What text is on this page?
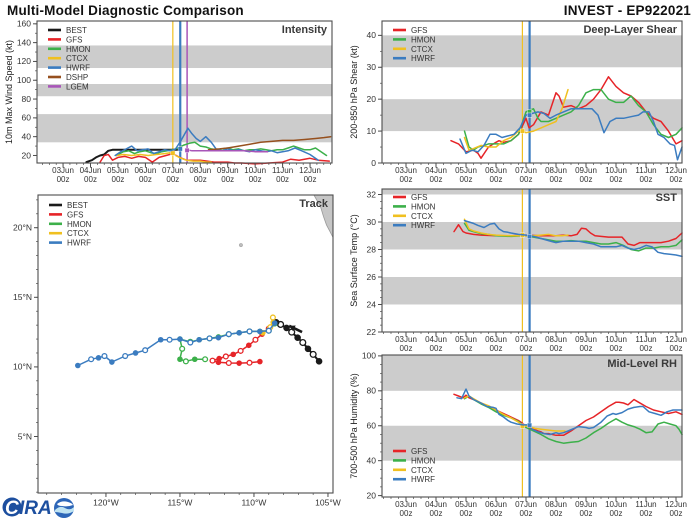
Multi-Model Diagnostic Comparison	INVEST - EP922021
03Jun
00z
04Jun
00z
05Jun
00z
06Jun
00z
07Jun
00z
08Jun
00z
09Jun
00z
10Jun
00z
11Jun
00z
12Jun
00z
20
40
60
80
100
120
140
160
10m Max Wind Speed (kt)
Intensity
BEST
GFS
HMON
CTCX
HWRF
DSHP
LGEM
03Jun
00z
04Jun
00z
05Jun
00z
06Jun
00z
07Jun
00z
08Jun
00z
09Jun
00z
10Jun
00z
11Jun
00z
12Jun
00z
0
10
20
30
40
200-850 hPa Shear (kt)
Deep-Layer Shear
GFS
HMON
CTCX
HWRF
03Jun
00z
04Jun
00z
05Jun
00z
06Jun
00z
07Jun
00z
08Jun
00z
09Jun
00z
10Jun
00z
11Jun
00z
12Jun
00z
22
24
26
28
30
32
Sea Surface Temp (°C)
SST
GFS
HMON
CTCX
HWRF
03Jun
00z
04Jun
00z
05Jun
00z
06Jun
00z
07Jun
00z
08Jun
00z
09Jun
00z
10Jun
00z
11Jun
00z
12Jun
00z
20
40
60
80
100
700-500 hPa Humidity (%)
Mid-Level RH
GFS
HMON
CTCX
HWRF
120°W	115°W	110°W	105°W
5°N
10°N
15°N
20°N
Track
BEST
GFS
HMON
CTCX
HWRF
C IRA
